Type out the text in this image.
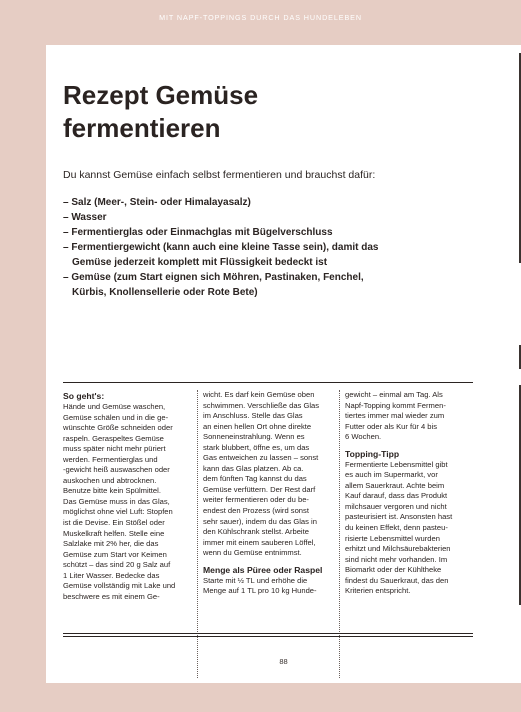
MIT NAPF-TOPPINGS DURCH DAS HUNDELEBEN
Rezept Gemüse
fermentieren

Du kannst Gemüse einfach selbst fermentieren und brauchst dafür:

– Salz (Meer-, Stein- oder Himalayasalz)
– Wasser
– Fermentierglas oder Einmachglas mit Bügelverschluss
– Fermentiergewicht (kann auch eine kleine Tasse sein), damit das
Gemüse jederzeit komplett mit Flüssigkeit bedeckt ist
– Gemüse (zum Start eignen sich Möhren, Pastinaken, Fenchel,
Kürbis, Knollensellerie oder Rote Bete)

So geht's:

Hände und Gemüse waschen,

Gemüse schälen und in die ge-

wünschte Größe schneiden oder

raspeln. Geraspeltes Gemüse

muss später nicht mehr püriert

werden. Fermentierglas und

-gewicht heiß auswaschen oder

auskochen und abtrocknen.

Benutze bitte kein Spülmittel.

Das Gemüse muss in das Glas,

möglichst ohne viel Luft: Stopfen

ist die Devise. Ein Stößel oder

Muskelkraft helfen. Stelle eine

Salzlake mit 2% her, die das

Gemüse zum Start vor Keimen

schützt – das sind 20 g Salz auf

1 Liter Wasser. Bedecke das

Gemüse vollständig mit Lake und

beschwere es mit einem Ge-

wicht. Es darf kein Gemüse oben

schwimmen. Verschließe das Glas

im Anschluss. Stelle das Glas

an einen hellen Ort ohne direkte

Sonneneinstrahlung. Wenn es

stark blubbert, öffne es, um das

Gas entweichen zu lassen – sonst

kann das Glas platzen. Ab ca.

dem fünften Tag kannst du das

Gemüse verfüttern. Der Rest darf

weiter fermentieren oder du be-

endest den Prozess (wird sonst

sehr sauer), indem du das Glas in

den Kühlschrank stellst. Arbeite

immer mit einem sauberen Löffel,

wenn du Gemüse entnimmst.

Menge als Püree oder Raspel

Starte mit ½ TL und erhöhe die

Menge auf 1 TL pro 10 kg Hunde-

gewicht – einmal am Tag. Als

Napf-Topping kommt Fermen-

tiertes immer mal wieder zum

Futter oder als Kur für 4 bis

6 Wochen.

Topping-Tipp

Fermentierte Lebensmittel gibt

es auch im Supermarkt, vor

allem Sauerkraut. Achte beim

Kauf darauf, dass das Produkt

milchsauer vergoren und nicht

pasteurisiert ist. Ansonsten hast

du keinen Effekt, denn pasteu-

risierte Lebensmittel wurden

erhitzt und Milchsäurebakterien

sind nicht mehr vorhanden. Im

Biomarkt oder der Kühltheke

findest du Sauerkraut, das den

Kriterien entspricht.

88
